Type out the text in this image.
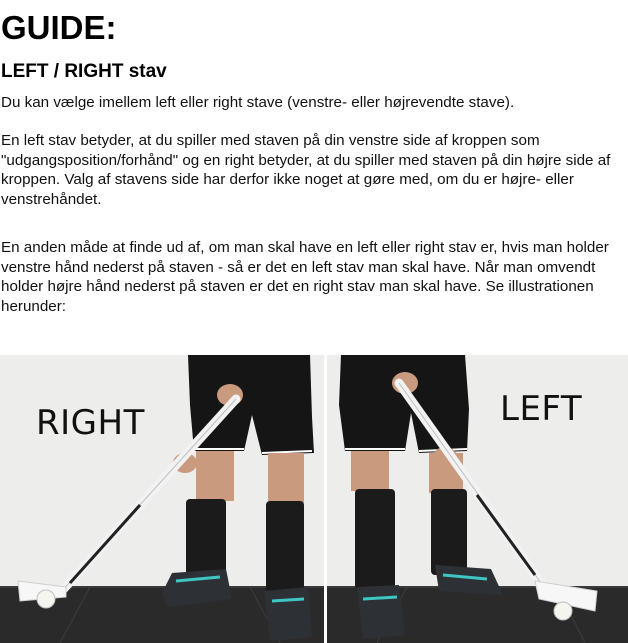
GUIDE:
LEFT / RIGHT stav

Du kan vælge imellem left eller right stave (venstre- eller højrevendte stave).

En left stav betyder, at du spiller med staven på din venstre side af kroppen som "udgangsposition/forhånd" og en right betyder, at du spiller med staven på din højre side af kroppen. Valg af stavens side har derfor ikke noget at gøre med, om du er højre- eller venstrehåndet.

En anden måde at finde ud af, om man skal have en left eller right stav er, hvis man holder venstre hånd nederst på staven - så er det en left stav man skal have. Når man omvendt holder højre hånd nederst på staven er det en right stav man skal have. Se illustrationen herunder:

RIGHT	LEFT
